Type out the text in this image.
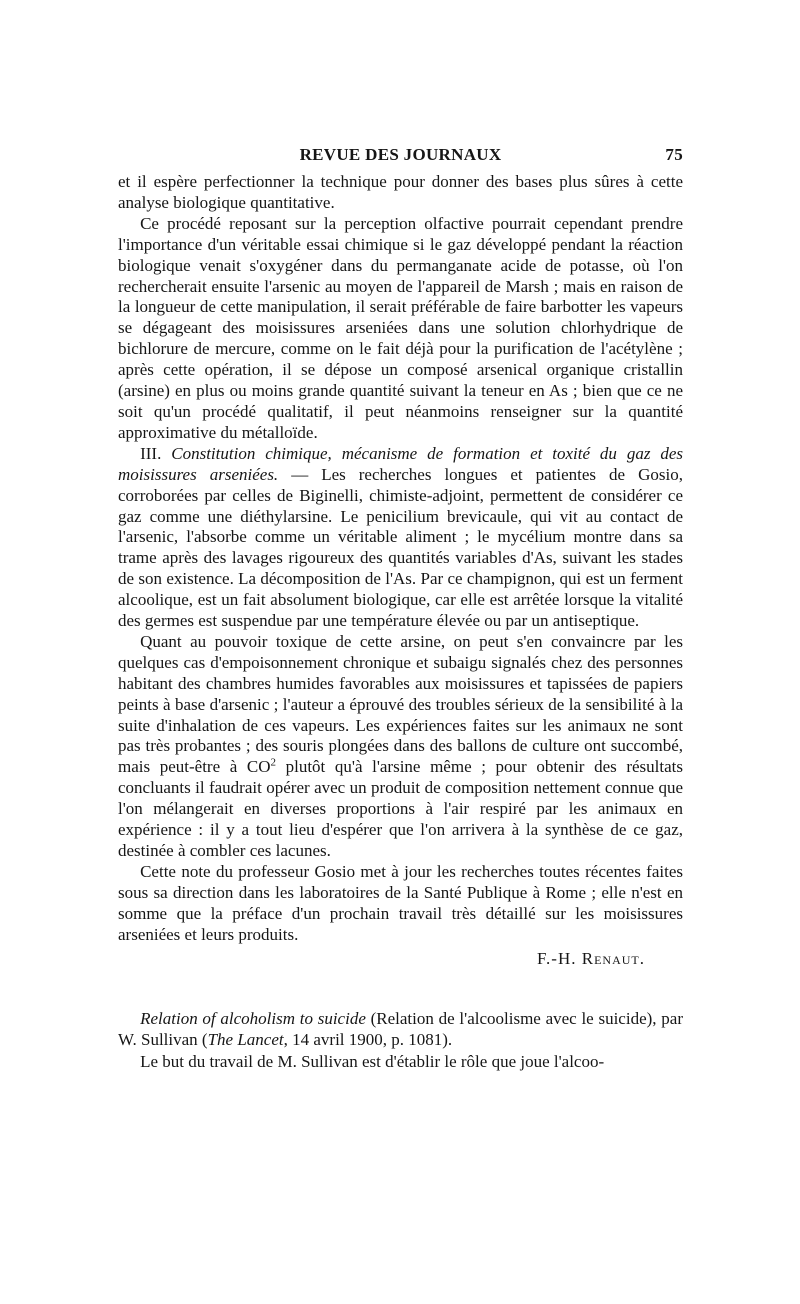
REVUE DES JOURNAUX	75

et il espère perfectionner la technique pour donner des bases plus sûres à cette analyse biologique quantitative.

Ce procédé reposant sur la perception olfactive pourrait cependant prendre l'importance d'un véritable essai chimique si le gaz développé pendant la réaction biologique venait s'oxygéner dans du permanganate acide de potasse, où l'on rechercherait ensuite l'arsenic au moyen de l'appareil de Marsh ; mais en raison de la longueur de cette manipulation, il serait préférable de faire barbotter les vapeurs se dégageant des moisissures arseniées dans une solution chlorhydrique de bichlorure de mercure, comme on le fait déjà pour la purification de l'acétylène ; après cette opération, il se dépose un composé arsenical organique cristallin (arsine) en plus ou moins grande quantité suivant la teneur en As ; bien que ce ne soit qu'un procédé qualitatif, il peut néanmoins renseigner sur la quantité approximative du métalloïde.

III. Constitution chimique, mécanisme de formation et toxité du gaz des moisissures arseniées. — Les recherches longues et patientes de Gosio, corroborées par celles de Biginelli, chimiste-adjoint, permettent de considérer ce gaz comme une diéthylarsine. Le penicilium brevicaule, qui vit au contact de l'arsenic, l'absorbe comme un véritable aliment ; le mycélium montre dans sa trame après des lavages rigoureux des quantités variables d'As, suivant les stades de son existence. La décomposition de l'As. Par ce champignon, qui est un ferment alcoolique, est un fait absolument biologique, car elle est arrêtée lorsque la vitalité des germes est suspendue par une température élevée ou par un antiseptique.

Quant au pouvoir toxique de cette arsine, on peut s'en convaincre par les quelques cas d'empoisonnement chronique et subaigu signalés chez des personnes habitant des chambres humides favorables aux moisissures et tapissées de papiers peints à base d'arsenic ; l'auteur a éprouvé des troubles sérieux de la sensibilité à la suite d'inhalation de ces vapeurs. Les expériences faites sur les animaux ne sont pas très probantes ; des souris plongées dans des ballons de culture ont succombé, mais peut-être à $CO^2$ plutôt qu'à l'arsine même ; pour obtenir des résultats concluants il faudrait opérer avec un produit de composition nettement connue que l'on mélangerait en diverses proportions à l'air respiré par les animaux en expérience : il y a tout lieu d'espérer que l'on arrivera à la synthèse de ce gaz, destinée à combler ces lacunes.

Cette note du professeur Gosio met à jour les recherches toutes récentes faites sous sa direction dans les laboratoires de la Santé Publique à Rome ; elle n'est en somme que la préface d'un prochain travail très détaillé sur les moisissures arseniées et leurs produits.

F.-H. Renaut.

Relation of alcoholism to suicide (Relation de l'alcoolisme avec le suicide), par W. Sullivan (The Lancet, 14 avril 1900, p. 1081).

Le but du travail de M. Sullivan est d'établir le rôle que joue l'alcoo-
